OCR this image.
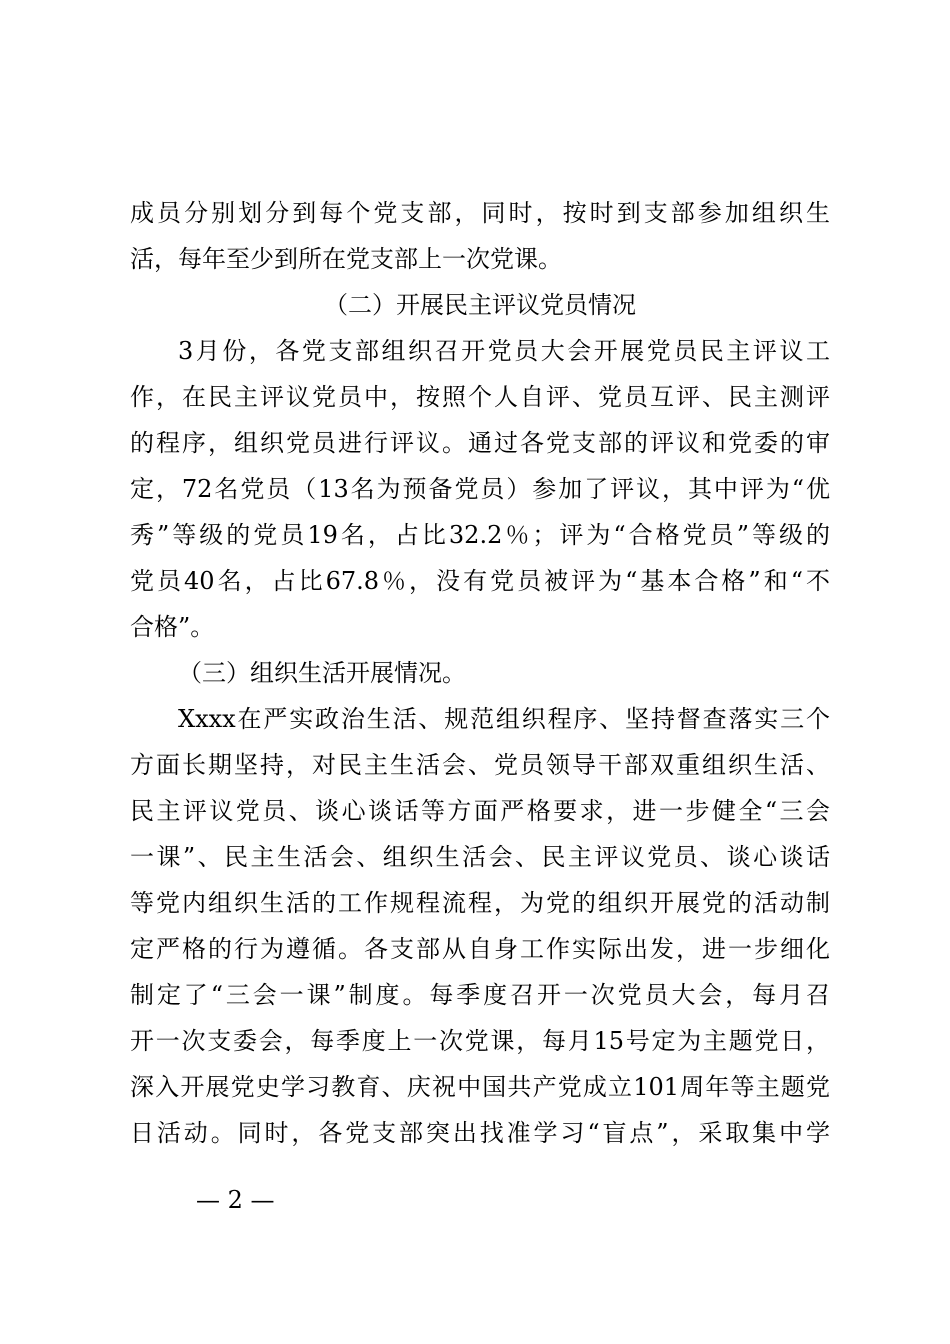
成员分别划分到每个党支部，同时，按时到支部参加组织生
活，每年至少到所在党支部上一次党课。
（二）开展民主评议党员情况
3月份，各党支部组织召开党员大会开展党员民主评议工
作，在民主评议党员中，按照个人自评、党员互评、民主测评
的程序，组织党员进行评议。通过各党支部的评议和党委的审
定，72名党员（13名为预备党员）参加了评议，其中评为“优
秀”等级的党员19名，占比32.2％；评为“合格党员”等级的
党员40名，占比67.8％，没有党员被评为“基本合格”和“不
合格”。
（三）组织生活开展情况。
Xxxx在严实政治生活、规范组织程序、坚持督查落实三个
方面长期坚持，对民主生活会、党员领导干部双重组织生活、
民主评议党员、谈心谈话等方面严格要求，进一步健全“三会
一课”、民主生活会、组织生活会、民主评议党员、谈心谈话
等党内组织生活的工作规程流程，为党的组织开展党的活动制
定严格的行为遵循。各支部从自身工作实际出发，进一步细化
制定了“三会一课”制度。每季度召开一次党员大会，每月召
开一次支委会，每季度上一次党课，每月15号定为主题党日，
深入开展党史学习教育、庆祝中国共产党成立101周年等主题党
日活动。同时，各党支部突出找准学习“盲点”，采取集中学
— 2 —
